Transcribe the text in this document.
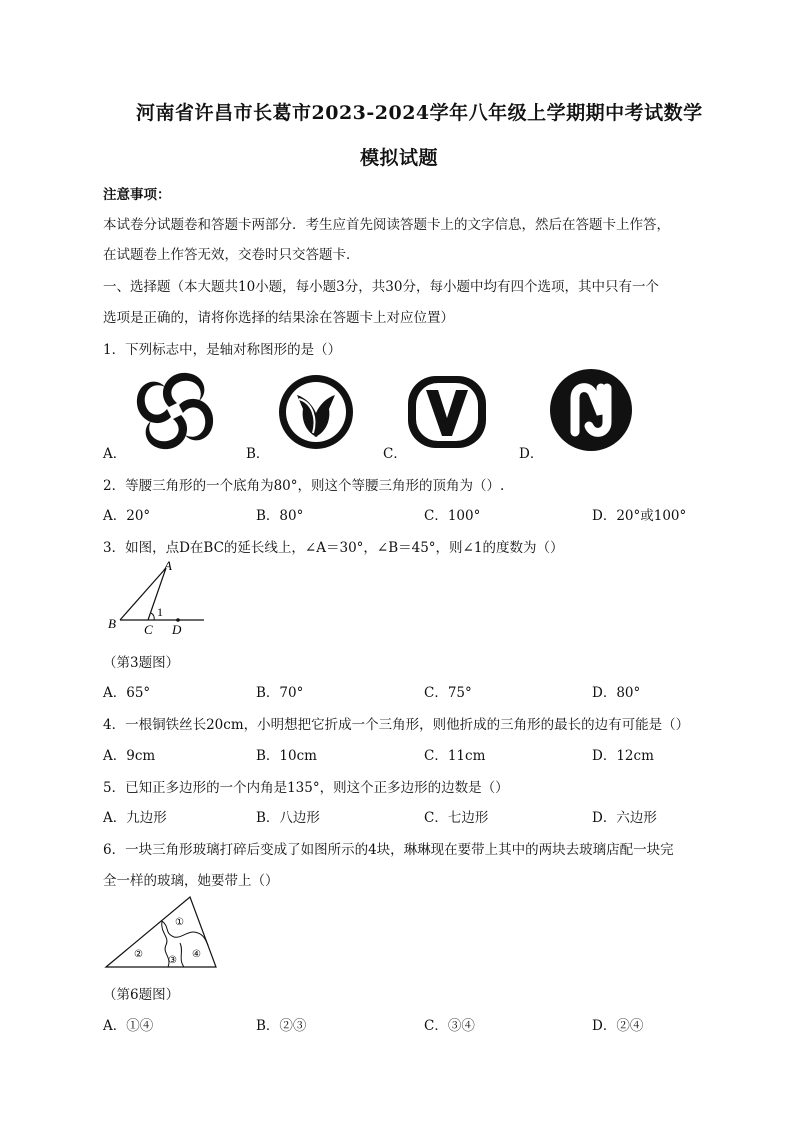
河南省许昌市长葛市2023-2024学年八年级上学期期中考试数学
模拟试题
注意事项：
本试卷分试题卷和答题卡两部分．考生应首先阅读答题卡上的文字信息，然后在答题卡上作答，
在试题卷上作答无效，交卷时只交答题卡．
一、选择题（本大题共10小题，每小题3分，共30分，每小题中均有四个选项，其中只有一个
选项是正确的，请将你选择的结果涂在答题卡上对应位置）
1．下列标志中，是轴对称图形的是（）
A．	B．	C．	D．
2．等腰三角形的一个底角为80°，则这个等腰三角形的顶角为（）.
A．20°	B．80°	C．100°	D．20°或100°
3．如图，点D在BC的延长线上，∠A＝30°，∠B＝45°，则∠1的度数为（）
A
B C D
1
（第3题图）
A．65°	B．70°	C．75°	D．80°
4．一根铜铁丝长20cm，小明想把它折成一个三角形，则他折成的三角形的最长的边有可能是（）
A．9cm	B．10cm	C．11cm	D．12cm
5．已知正多边形的一个内角是135°，则这个正多边形的边数是（）
A．九边形	B．八边形	C．七边形	D．六边形
6．一块三角形玻璃打碎后变成了如图所示的4块，琳琳现在要带上其中的两块去玻璃店配一块完
全一样的玻璃，她要带上（）
①
②
③
④
（第6题图）
A．①④	B．②③	C．③④	D．②④
